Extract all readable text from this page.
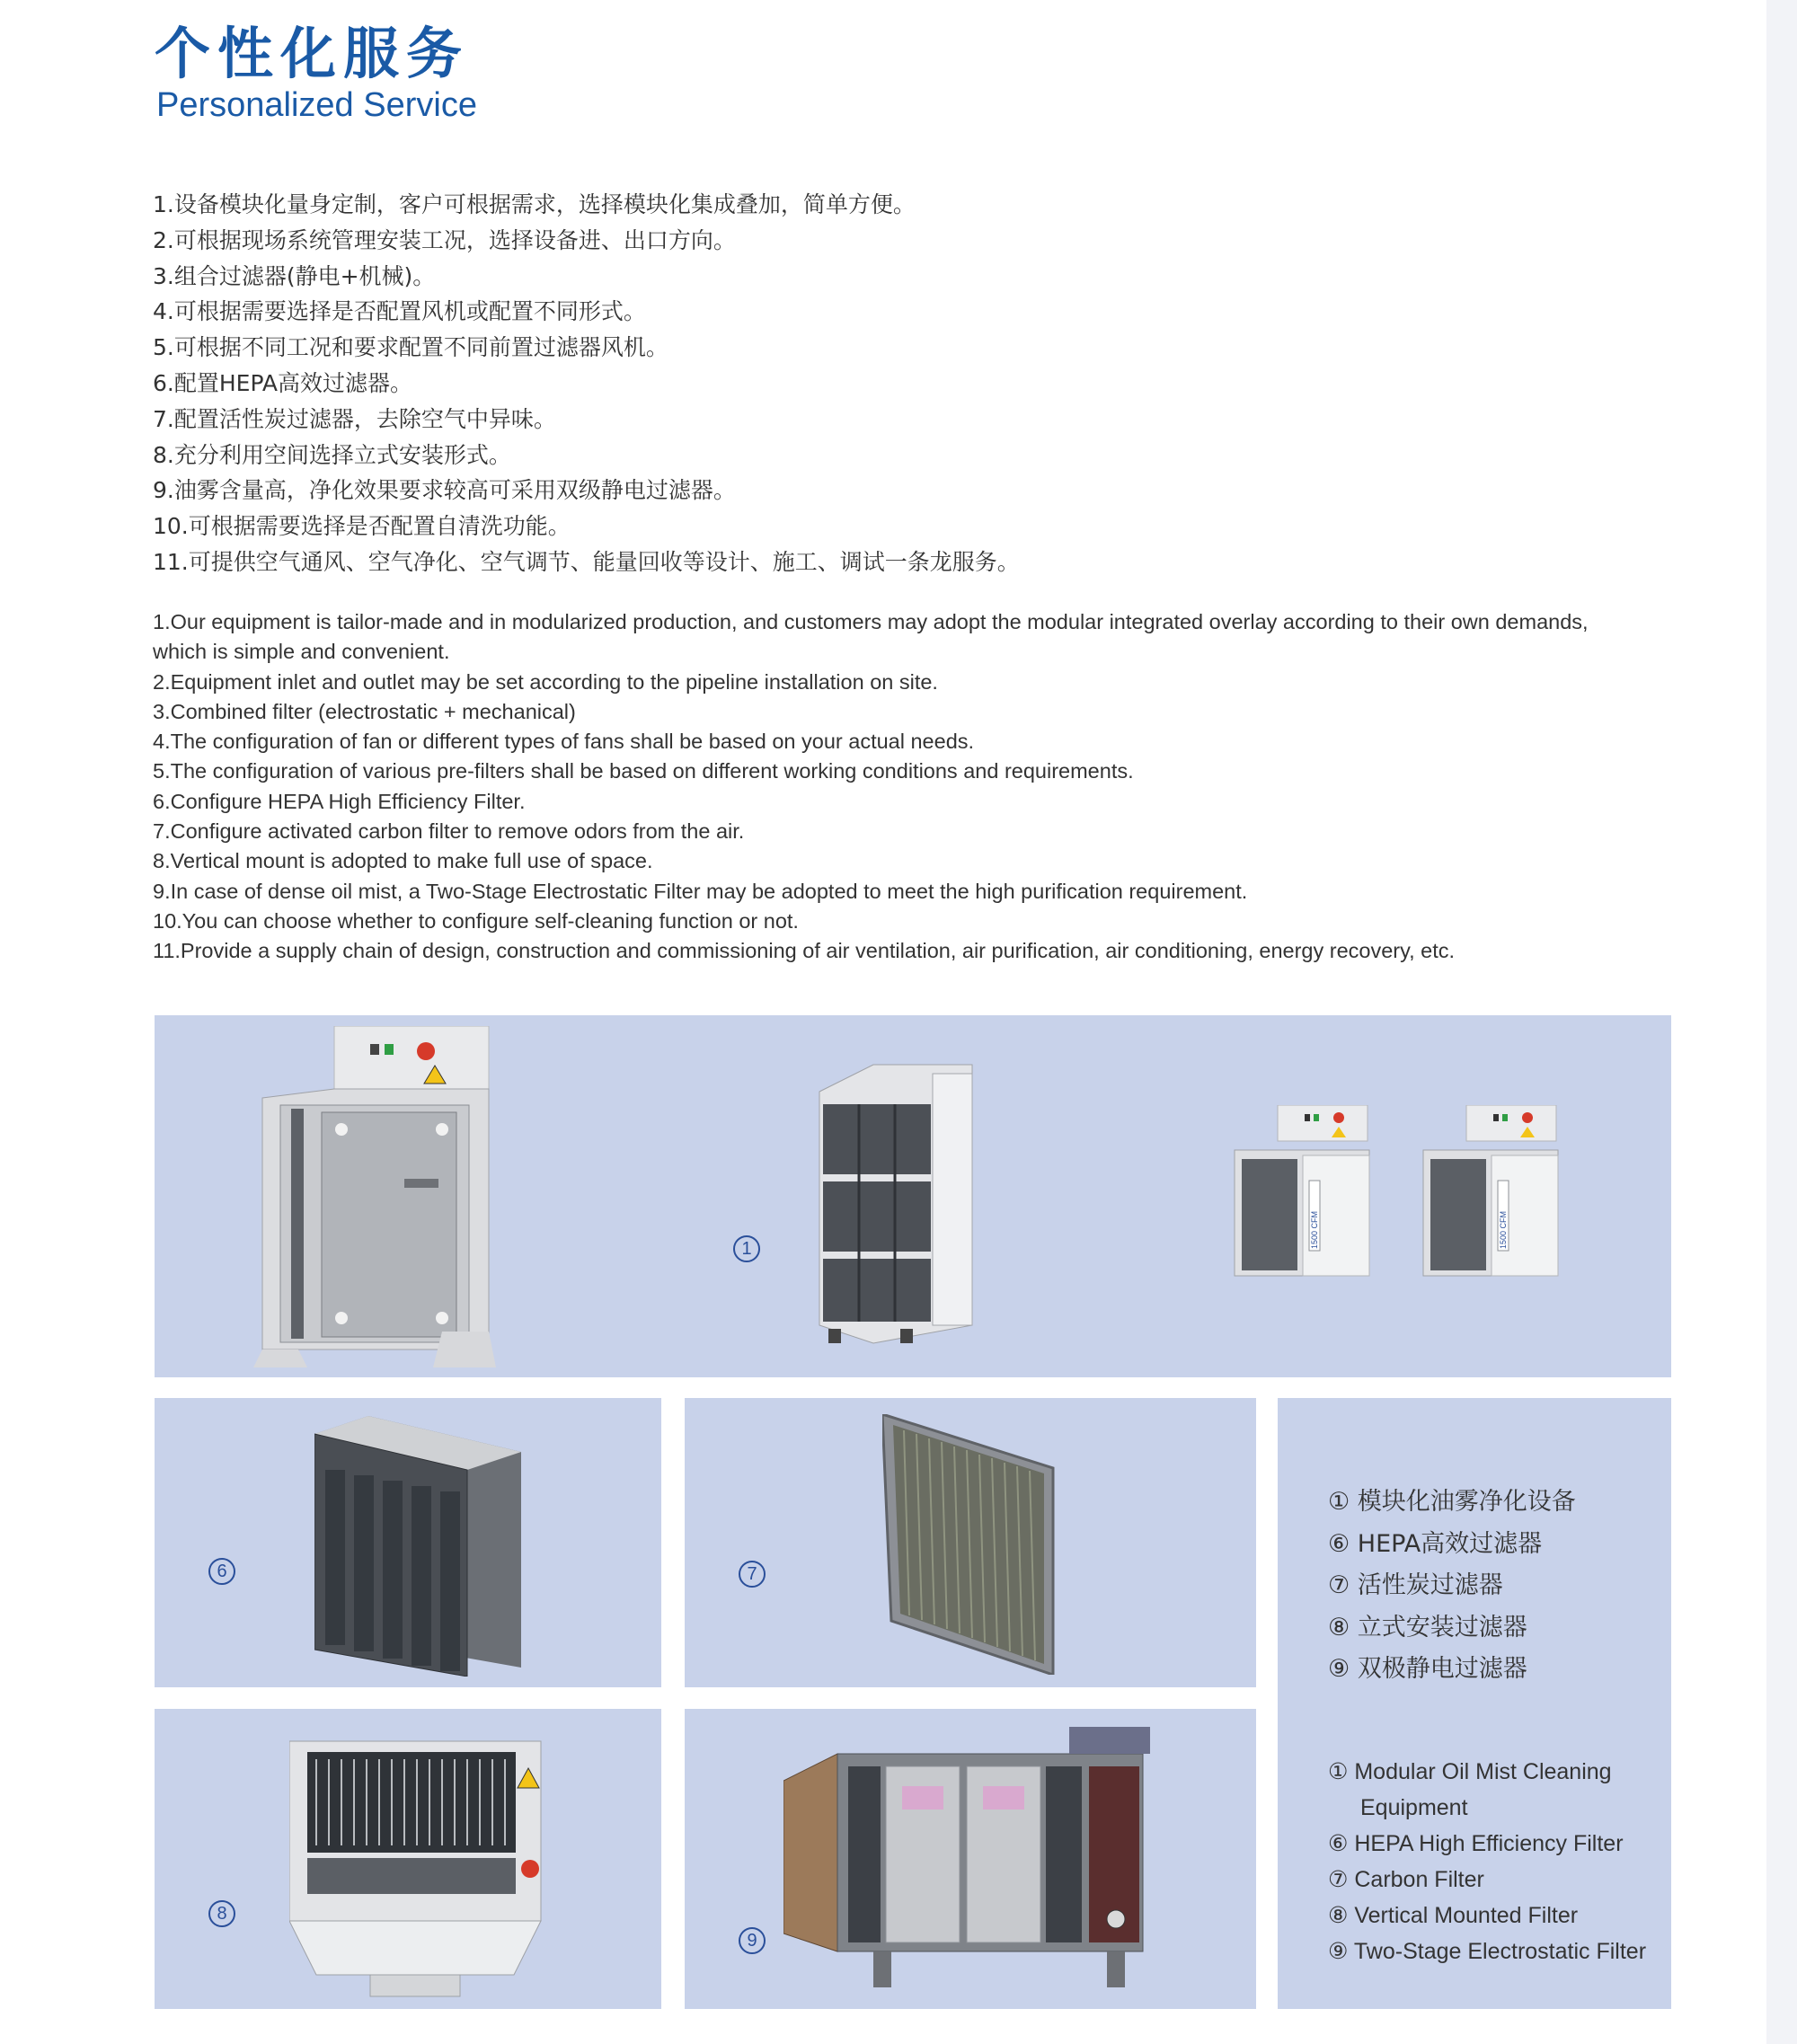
个性化服务
Personalized Service
1.设备模块化量身定制，客户可根据需求，选择模块化集成叠加，简单方便。
2.可根据现场系统管理安装工况，选择设备进、出口方向。
3.组合过滤器(静电+机械)。
4.可根据需要选择是否配置风机或配置不同形式。
5.可根据不同工况和要求配置不同前置过滤器风机。
6.配置HEPA高效过滤器。
7.配置活性炭过滤器，去除空气中异味。
8.充分利用空间选择立式安装形式。
9.油雾含量高，净化效果要求较高可采用双级静电过滤器。
10.可根据需要选择是否配置自清洗功能。
11.可提供空气通风、空气净化、空气调节、能量回收等设计、施工、调试一条龙服务。
1.Our equipment is tailor-made and in modularized production, and customers may adopt the modular integrated overlay according to their own demands, which is simple and convenient.
2.Equipment inlet and outlet may be set according to the pipeline installation on site.
3.Combined filter (electrostatic + mechanical)
4.The configuration of fan or different types of fans shall be based on your actual needs.
5.The configuration of various pre-filters shall be based on different working conditions and requirements.
6.Configure HEPA High Efficiency Filter.
7.Configure activated carbon filter to remove odors from the air.
8.Vertical mount is adopted to make full use of space.
9.In case of dense oil mist, a Two-Stage Electrostatic Filter may be adopted to meet the high purification requirement.
10.You can choose whether to configure self-cleaning function or not.
11.Provide a supply chain of design, construction and commissioning of air ventilation, air purification, air conditioning, energy recovery, etc.
1	1500 CFM	1500 CFM
6	7
① 模块化油雾净化设备
⑥ HEPA高效过滤器
⑦ 活性炭过滤器
⑧ 立式安装过滤器
⑨ 双极静电过滤器
① Modular Oil Mist Cleaning
Equipment
⑥ HEPA High Efficiency Filter
⑦ Carbon Filter
⑧ Vertical Mounted Filter
⑨ Two-Stage Electrostatic Filter
8
9
